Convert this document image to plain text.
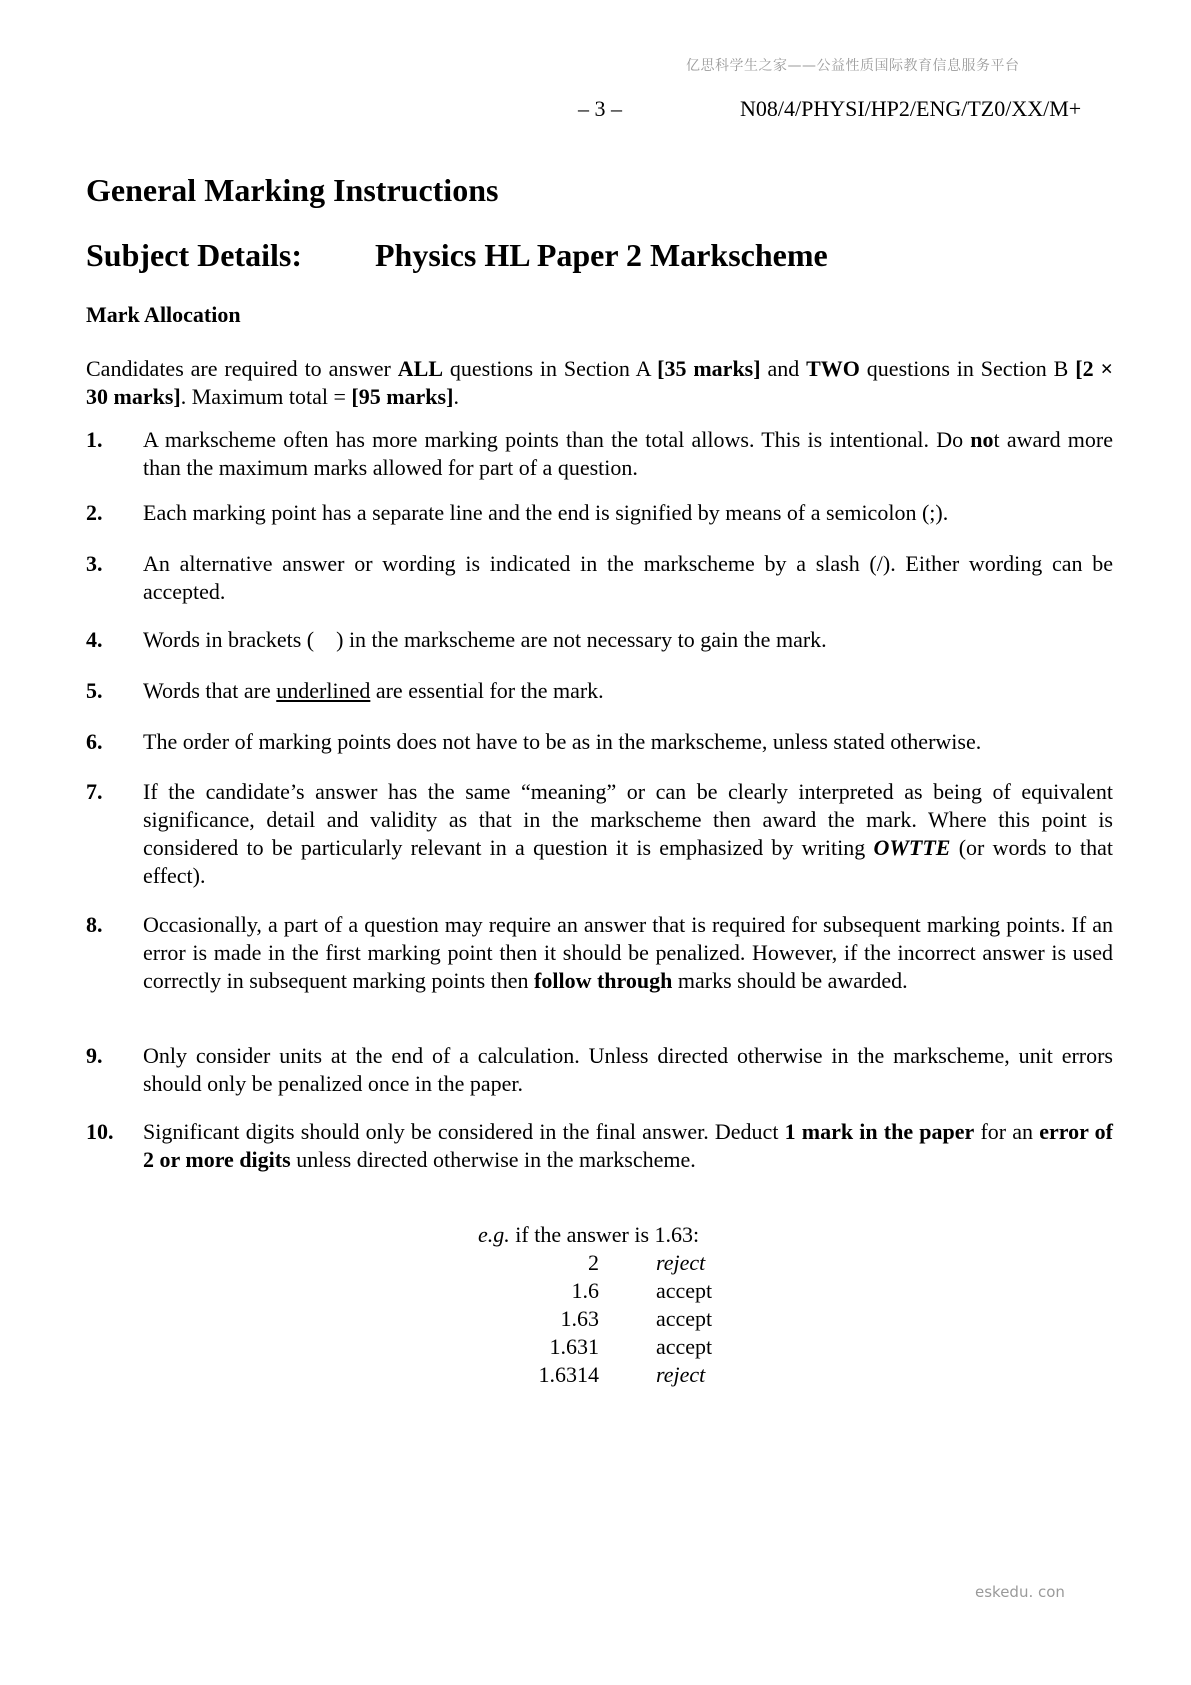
亿思科学生之家——公益性质国际教育信息服务平台
– 3 –	N08/4/PHYSI/HP2/ENG/TZ0/XX/M+
General Marking Instructions
Subject Details: Physics HL Paper 2 Markscheme
Mark Allocation
Candidates are required to answer ALL questions in Section A [35 marks] and TWO questions in Section B [2 × 30 marks]. Maximum total = [95 marks].
1. A markscheme often has more marking points than the total allows. This is intentional. Do not award more than the maximum marks allowed for part of a question.
2. Each marking point has a separate line and the end is signified by means of a semicolon (;).
3. An alternative answer or wording is indicated in the markscheme by a slash (/). Either wording can be accepted.
4. Words in brackets (    ) in the markscheme are not necessary to gain the mark.
5. Words that are underlined are essential for the mark.
6. The order of marking points does not have to be as in the markscheme, unless stated otherwise.
7. If the candidate’s answer has the same “meaning” or can be clearly interpreted as being of equivalent significance, detail and validity as that in the markscheme then award the mark. Where this point is considered to be particularly relevant in a question it is emphasized by writing OWTTE (or words to that effect).
8. Occasionally, a part of a question may require an answer that is required for subsequent marking points. If an error is made in the first marking point then it should be penalized. However, if the incorrect answer is used correctly in subsequent marking points then follow through marks should be awarded.
9. Only consider units at the end of a calculation. Unless directed otherwise in the markscheme, unit errors should only be penalized once in the paper.
10. Significant digits should only be considered in the final answer. Deduct 1 mark in the paper for an error of 2 or more digits unless directed otherwise in the markscheme.
e.g. if the answer is 1.63:
2	reject
1.6	accept
1.63	accept
1.631	accept
1.6314	reject
eskedu. con
